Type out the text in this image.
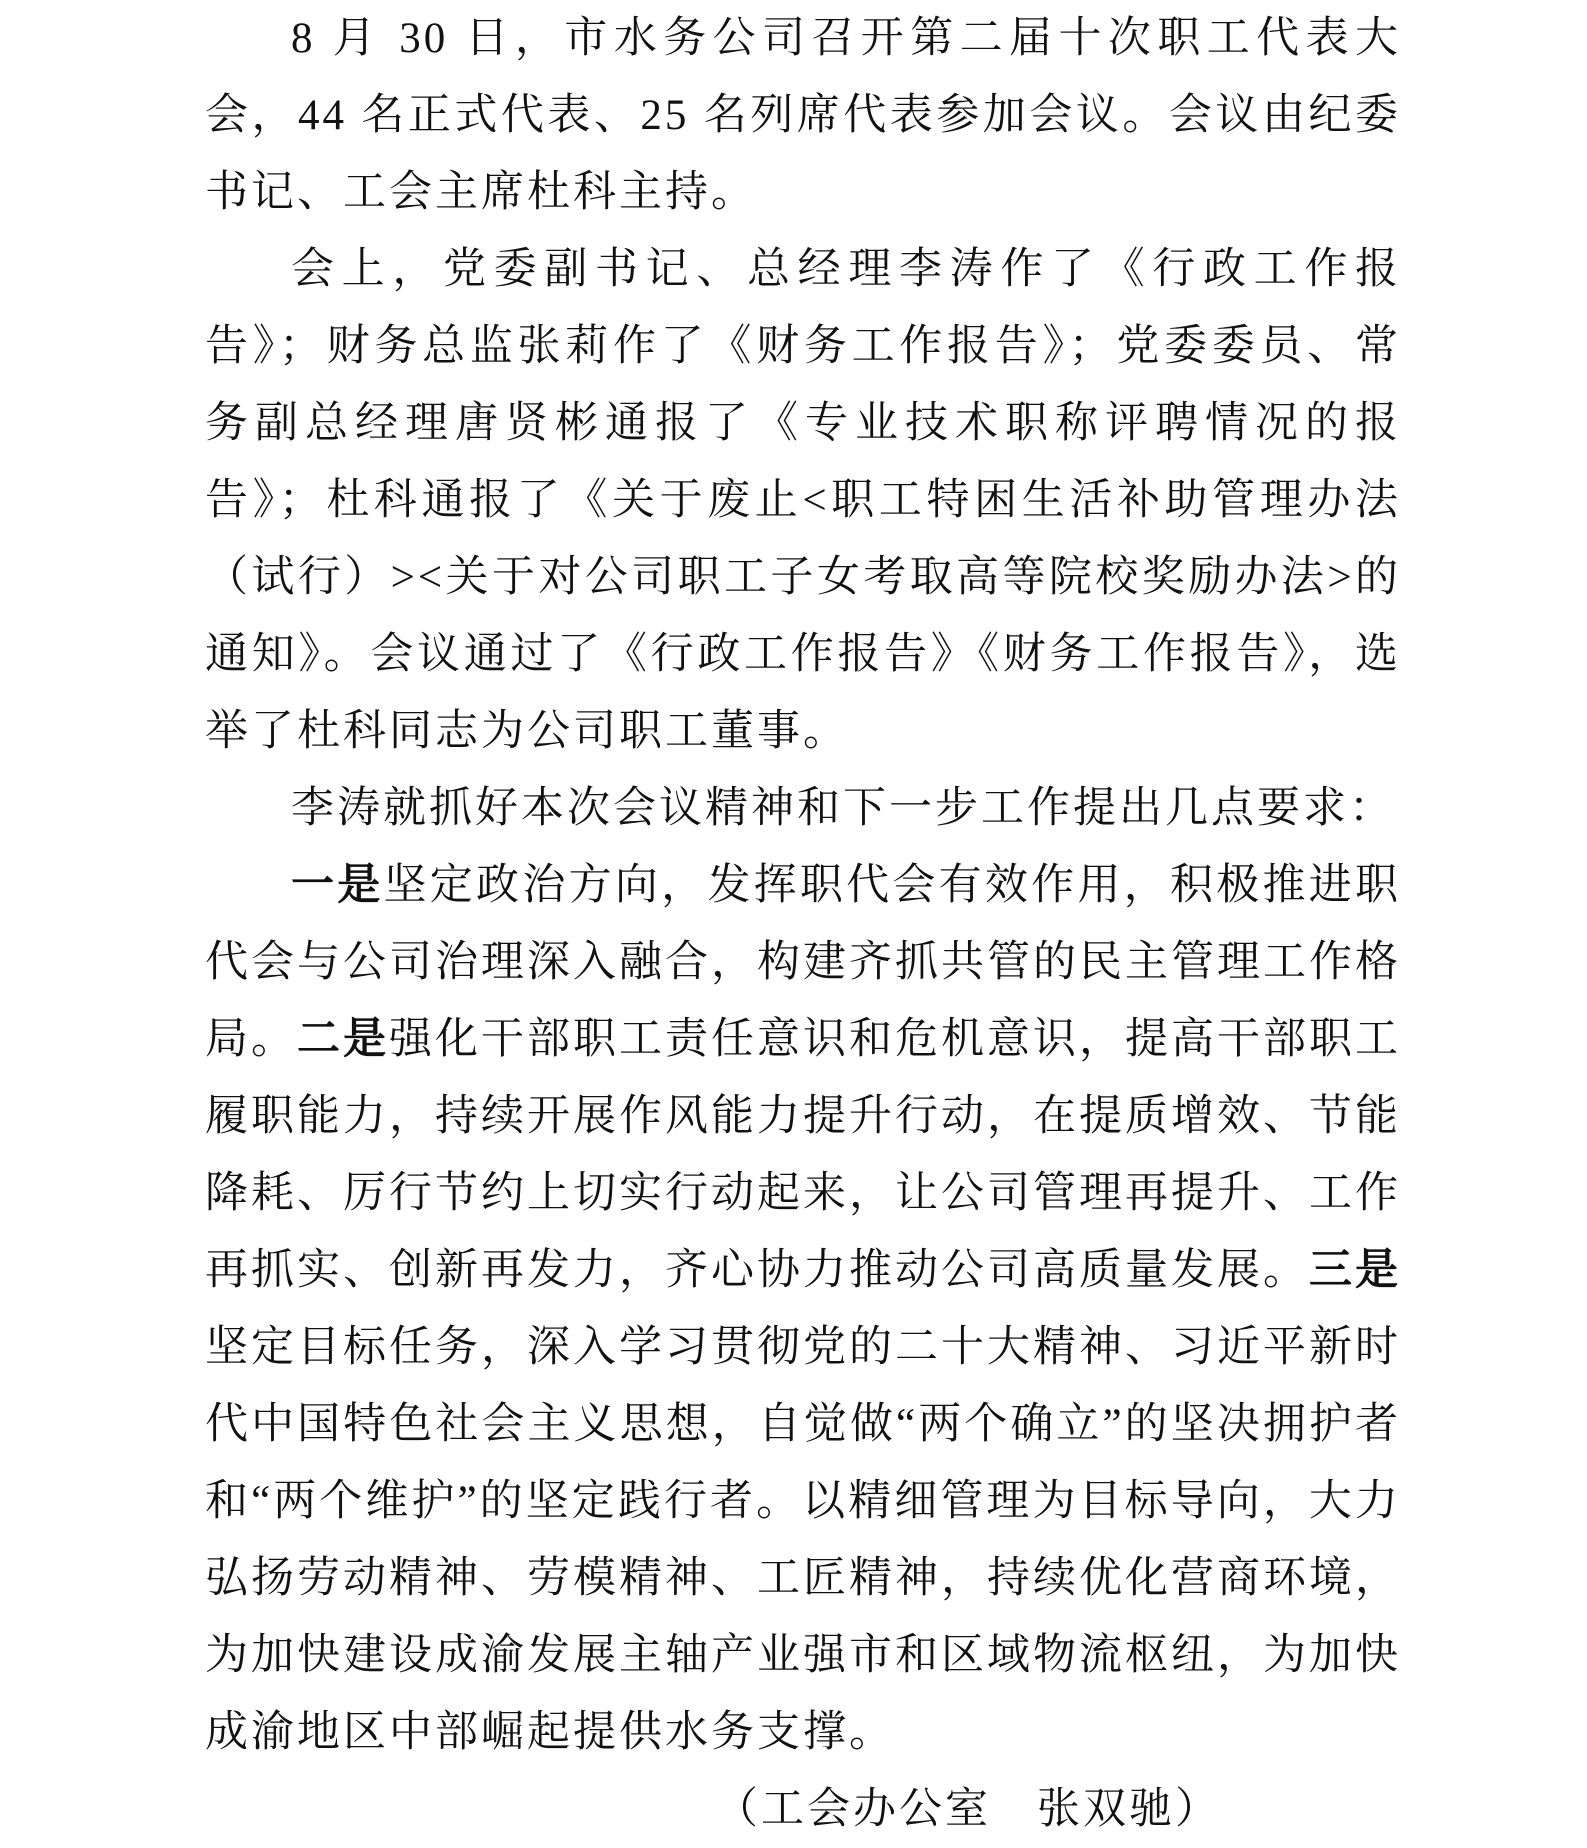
8 月 30 日，市水务公司召开第二届十次职工代表大会，44 名正式代表、25 名列席代表参加会议。会议由纪委书记、工会主席杜科主持。

会上，党委副书记、总经理李涛作了《行政工作报告》；财务总监张莉作了《财务工作报告》；党委委员、常务副总经理唐贤彬通报了《专业技术职称评聘情况的报告》；杜科通报了《关于废止<职工特困生活补助管理办法（试行）><关于对公司职工子女考取高等院校奖励办法>的通知》。会议通过了《行政工作报告》《财务工作报告》，选举了杜科同志为公司职工董事。

李涛就抓好本次会议精神和下一步工作提出几点要求：

一是坚定政治方向，发挥职代会有效作用，积极推进职代会与公司治理深入融合，构建齐抓共管的民主管理工作格局。二是强化干部职工责任意识和危机意识，提高干部职工履职能力，持续开展作风能力提升行动，在提质增效、节能降耗、厉行节约上切实行动起来，让公司管理再提升、工作再抓实、创新再发力，齐心协力推动公司高质量发展。三是坚定目标任务，深入学习贯彻党的二十大精神、习近平新时代中国特色社会主义思想，自觉做“两个确立”的坚决拥护者和“两个维护”的坚定践行者。以精细管理为目标导向，大力弘扬劳动精神、劳模精神、工匠精神，持续优化营商环境，为加快建设成渝发展主轴产业强市和区域物流枢纽，为加快成渝地区中部崛起提供水务支撑。

（工会办公室　张双驰）
